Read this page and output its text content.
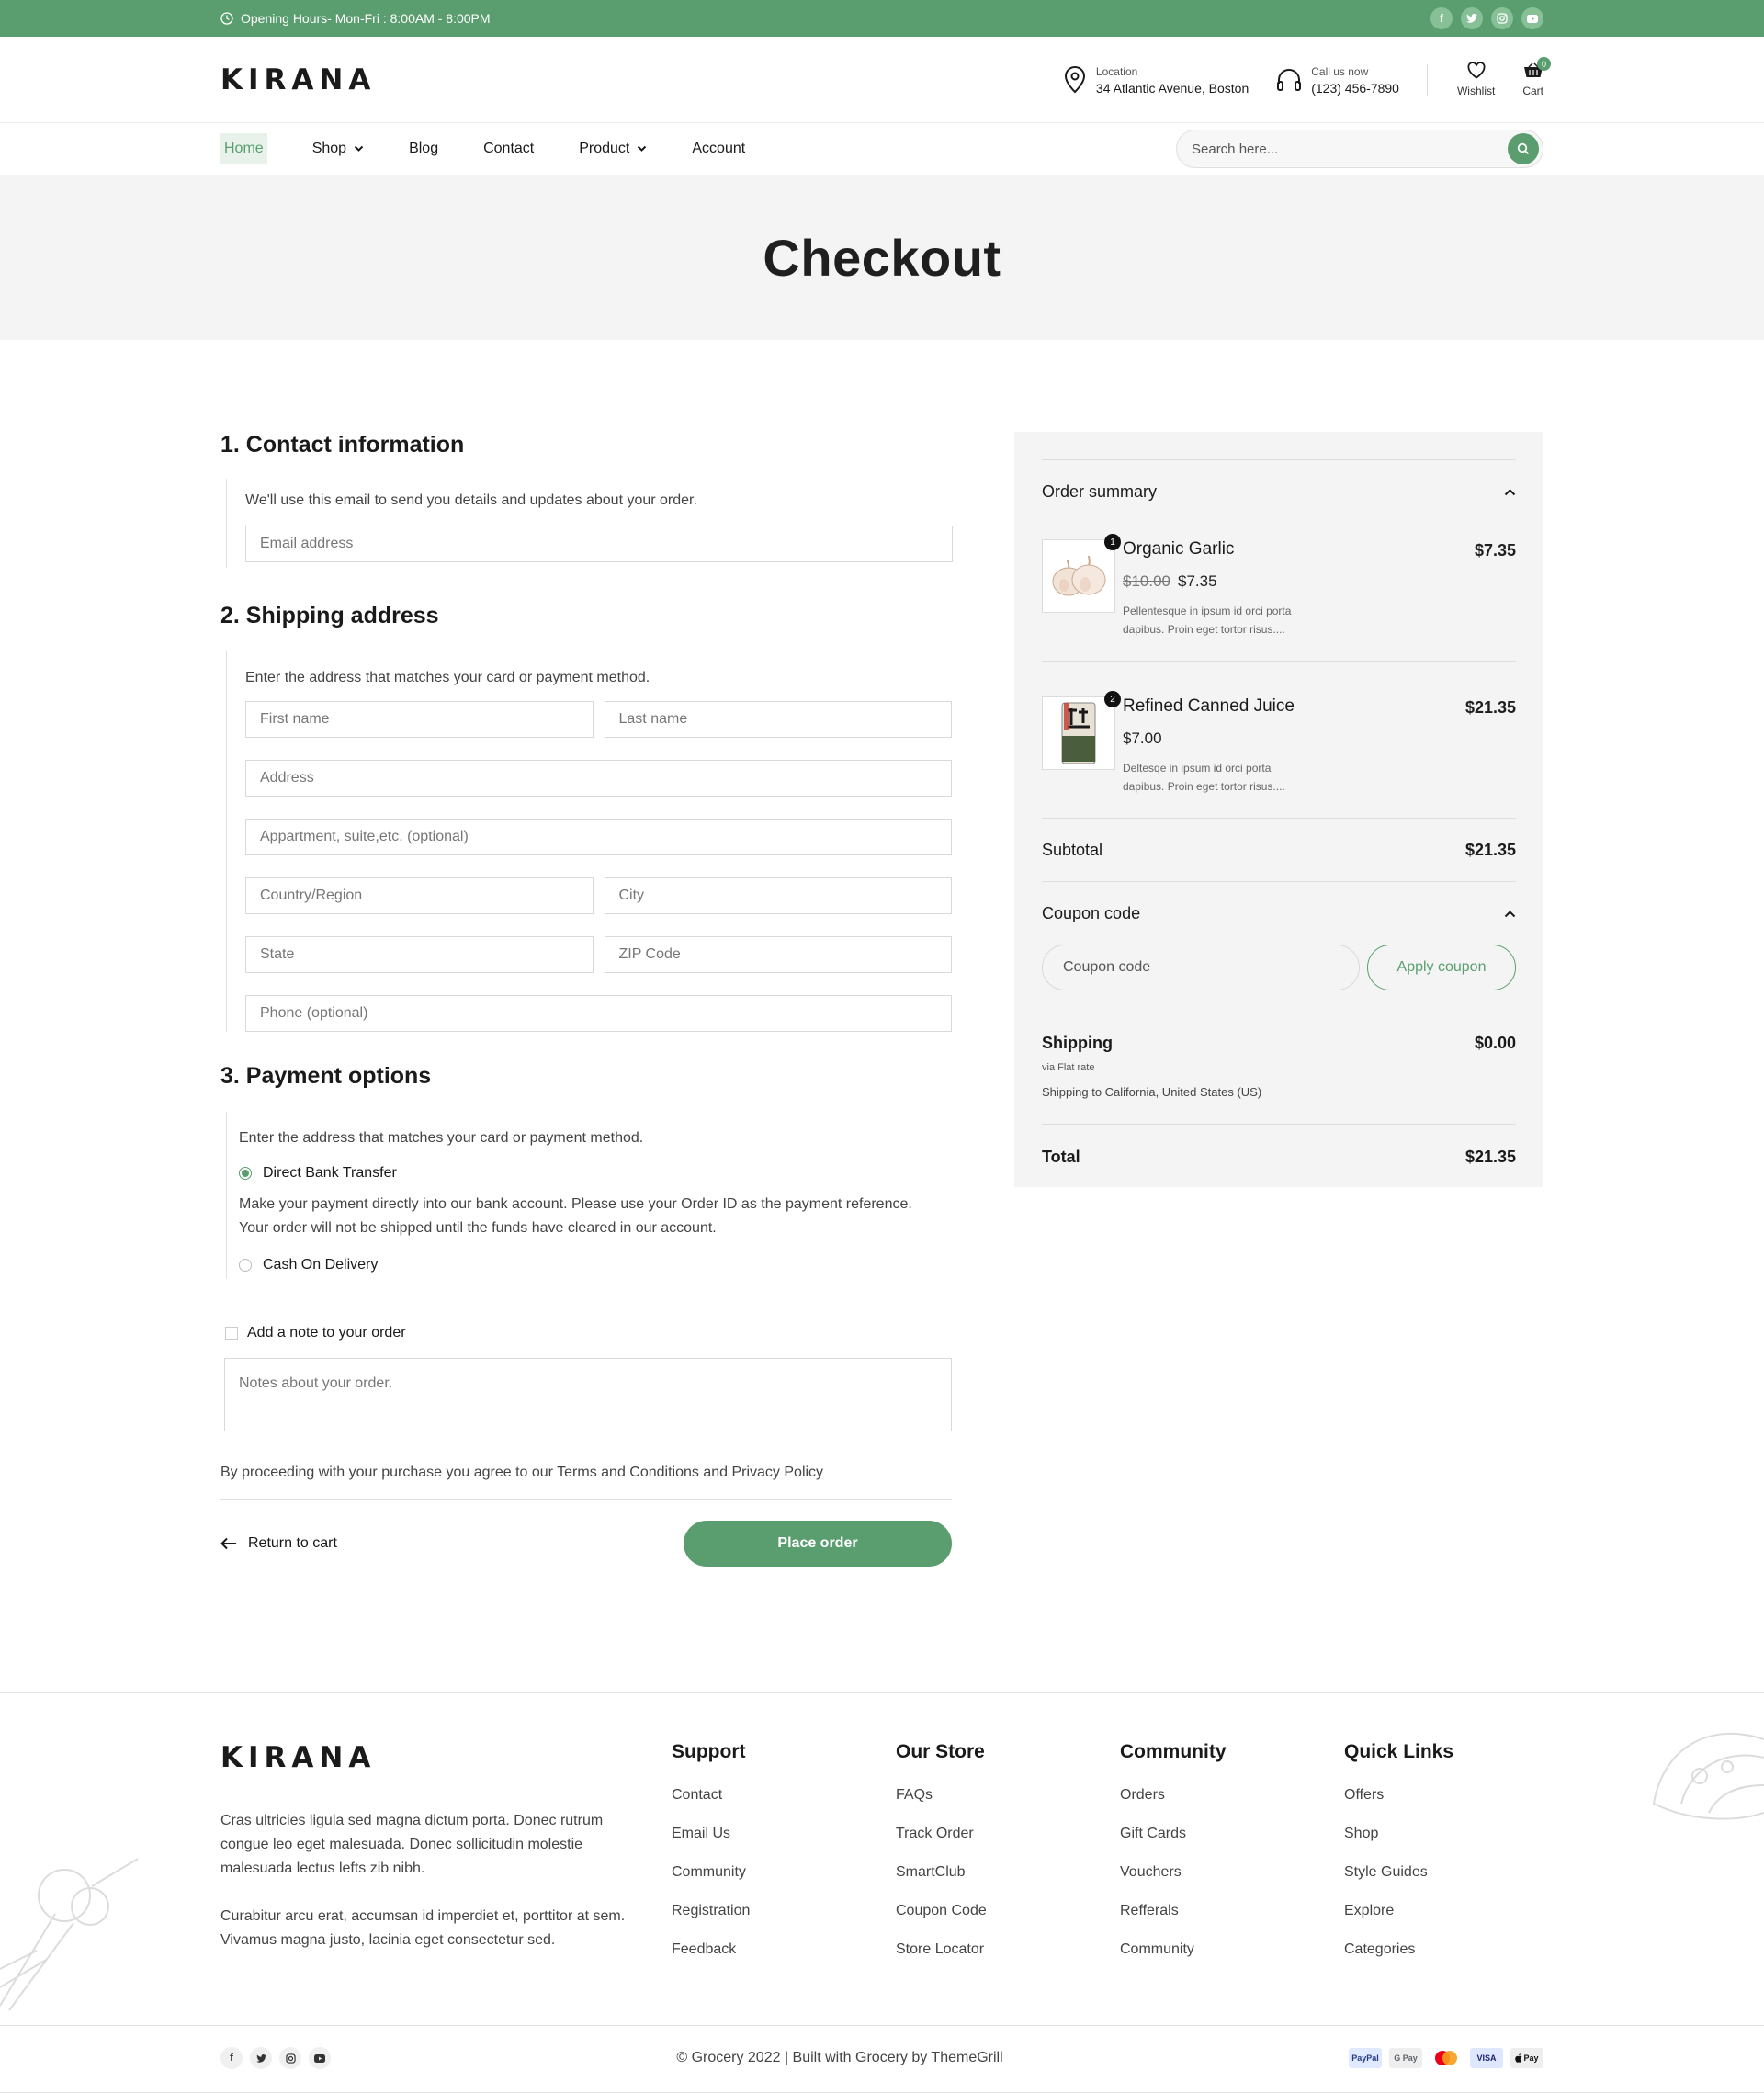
Opening Hours- Mon-Fri : 8:00AM - 8:00PM	f
KIRANA	Location
34 Atlantic Avenue, Boston
Call us now
(123) 456-7890	Wishlist
0
Cart
Home	Shop	Blog	Contact	Product	Account
Search here...
Checkout
1. Contact information
We'll use this email to send you details and updates about your order.
Email address
2. Shipping address
Enter the address that matches your card or payment method.
First name
Last name
Address
Appartment, suite,etc. (optional)
Country/Region
City
State
ZIP Code
Phone (optional)
3. Payment options
Enter the address that matches your card or payment method.
Direct Bank Transfer
Make your payment directly into our bank account. Please use your Order ID as the payment reference. Your order will not be shipped until the funds have cleared in our account.
Cash On Delivery
Add a note to your order
Notes about your order.
By proceeding with your purchase you agree to our Terms and Conditions and Privacy Policy
Return to cart	Place order
Order summary
1 Organic Garlic
$10.00 $7.35
Pellentesque in ipsum id orci porta dapibus. Proin eget tortor risus....
$7.35
2 Refined Canned Juice
$7.00
Deltesqe in ipsum id orci porta dapibus. Proin eget tortor risus....
$21.35
Subtotal	$21.35
Coupon code
Coupon code
Apply coupon
Shipping	$0.00
via Flat rate
Shipping to California, United States (US)
Total	$21.35
KIRANA
Cras ultricies ligula sed magna dictum porta. Donec rutrum congue leo eget malesuada. Donec sollicitudin molestie malesuada lectus lefts zib nibh.
Curabitur arcu erat, accumsan id imperdiet et, porttitor at sem. Vivamus magna justo, lacinia eget consectetur sed.
Support
Contact
Email Us
Community
Registration
Feedback
Our Store
FAQs
Track Order
SmartClub
Coupon Code
Store Locator
Community
Orders
Gift Cards
Vouchers
Refferals
Community
Quick Links
Offers
Shop
Style Guides
Explore
Categories
f	© Grocery 2022 | Built with Grocery by ThemeGrill	PayPal G Pay	VISA	Pay
